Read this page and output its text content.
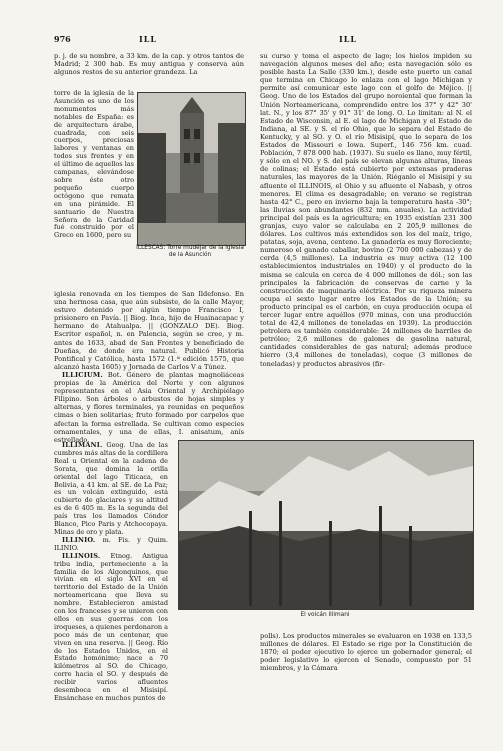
976	ILL	ILL

p. j. de su nombre, a 33 km. de la cap. y otros tantos de Madrid; 2 300 hab. Es muy antigua y conserva aún algunos restos de su anterior grandeza. La

torre de la iglesia de la Asunción es uno de los monumentos más notables de España: es de arquitectura árabe, cuadrada, con seis cuerpos, preciosas labores y ventanas en todos sus frentes y en el último de aquellos las campanas, elevándose sobre éste otro pequeño cuerpo octógono que remata en una pirámide. El santuario de Nuestra Señora de la Caridad fué construido por el Greco en 1600, pero su

ILLESCAS: Torre mudéjar de la iglesia de la Asunción

iglesia renovada en los tiempos de San Ildefonso. En una hermosa casa, que aún subsiste, de la calle Mayor, estuvo detenido por algún tiempo Francisco I, prisionero en Pavía. || Biog. Inca, hijo de Huainacapac y hermano de Atahualpa. || (GONZALO DE). Biog. Escritor español, n. en Palencia, según se cree, y m. antes de 1633, abad de San Frontes y beneficiado de Dueñas, de donde era natural. Publicó Historia Pontifical y Católica, hasta 1572 (1.ª edición 1575, que alcanzó hasta 1605) y Jornada de Carlos V a Túnez.

ILLICIUM. Bot. Género de plantas magnoliáceas propias de la América del Norte y con algunos representantes en el Asia Oriental y Archipiélago Filipino. Son árboles o arbustos de hojas simples y alternas, y flores terminales, ya reunidas en pequeños cimas o bien solitarias; fruto formado por carpelos que afectan la forma estrellada. Se cultivan como especies ornamentales, y una de ellas, I. anisatum, anís estrellado.

ILLIMANI. Geog. Una de las cumbres más altas de la cordillera Real u Oriental en la cadena de Sorata, que domina la orilla oriental del lago Titicaca, en Bolivia, a 41 km. al SE. de La Paz; es un volcán extinguido, está cubierto de glaciares y su altitud es de 6 405 m. Es la segunda del país tras los llamados Cóndor Blanco, Pico Paris y Atchocopaya. Minas de oro y plata.

ILLINIO. m. Fis. y Quim. ILINIO.

ILLINOIS. Etnog. Antigua tribu india, perteneciente a la familia de los Algonquinos, que vivían en el siglo XVI en el territorio del Estado de la Unión norteamericana que lleva su nombre. Establecieron amistad con los franceses y se unieron con ellos en sus guerras con los iroqueses, a quienes perdonaron a poco más de un centenar, que viven en una reserva. || Geog. Río de los Estados Unidos, en el Estado homónimo; nace a 70 kilómetros al SO. de Chicago, corre hacia el SO. y después de recibir varios afluentes desemboca en el Misisipí. Ensánchase en muchos puntos de

su curso y toma el aspecto de lago; los hielos impiden su navegación algunos meses del año; esta navegación sólo es posible hasta La Salle (330 km.), desde este puerto un canal que termina en Chicago lo enlaza con el lago Michigan y permite así comunicar este lago con el golfo de Méjico. || Geog. Uno de los Estados del grupo noroiental que forman la Unión Norteamericana, comprendido entre los 37° y 42° 30' lat. N., y los 87° 35' y 91° 31' de long. O. Lo limitan: al N. el Estado de Wisconsin, al E. el lago de Michigan y el Estado de Indiana, al SE. y S. el río Ohio, que lo separa del Estado de Kentucky, y al SO. y O. el río Misisipí, que lo separa de los Estados de Missouri e Iowa. Superf., 146 756 km. cuad. Población, 7 878 000 hab. (1937). Su suelo es llano, muy fértil, y sólo en el NO. y S. del país se elevan algunas alturas, líneas de colinas; el Estado está cubierto por extensas praderas naturales, las mayores de la Unión. Riéganlo el Misisipí y su afluente el ILLINOIS, el Ohio y su afluente el Nabash, y otros menores. El clima es desagradable; en verano se registran hasta 42° C., pero en invierno baja la temperatura hasta -30°; las lluvias son abundantes (832 mm. anuales). La actividad principal del país es la agricultura; en 1935 existían 231 300 granjas, cuyo valor se calculaba en 2 205,9 millones de dólares. Los cultivos más extendidos son los del maíz, trigo, patatas, soja, avena, centeno. La ganadería es muy floreciente; numeroso el ganado caballar, bovino (2 700 000 cabezas) y de cerda (4,5 millones). La industria es muy activa (12 100 establecimientos industriales en 1940) y el producto de la misma se calcula en cerca de 4 000 millones de dól.; son las principales la fabricación de conservas de carne y la construcción de maquinaria eléctrica. Por su riqueza minera ocupa el sexto lugar entre los Estados de la Unión; su producto principal es el carbón, en cuya producción ocupa el tercer lugar entre aquéllos (970 minas, con una producción total de 42,4 millones de toneladas en 1939). La producción petrolera es también considerable: 24 millones de barriles de petróleo; 2,6 millones de galones de gasolina natural, cantidades considerables de gas natural; además produce hierro (3,4 millones de toneladas), coque (3 millones de toneladas) y productos abrasivos (fir-

El volcán Illimani

polls). Los productos minerales se evaluaron en 1938 en 133,5 millones de dólares. El Estado se rige por la Constitución de 1870; el poder ejecutivo lo ejerce un gobernador general; el poder legislativo lo ejercen el Senado, compuesto por 51 miembros, y la Cámara
